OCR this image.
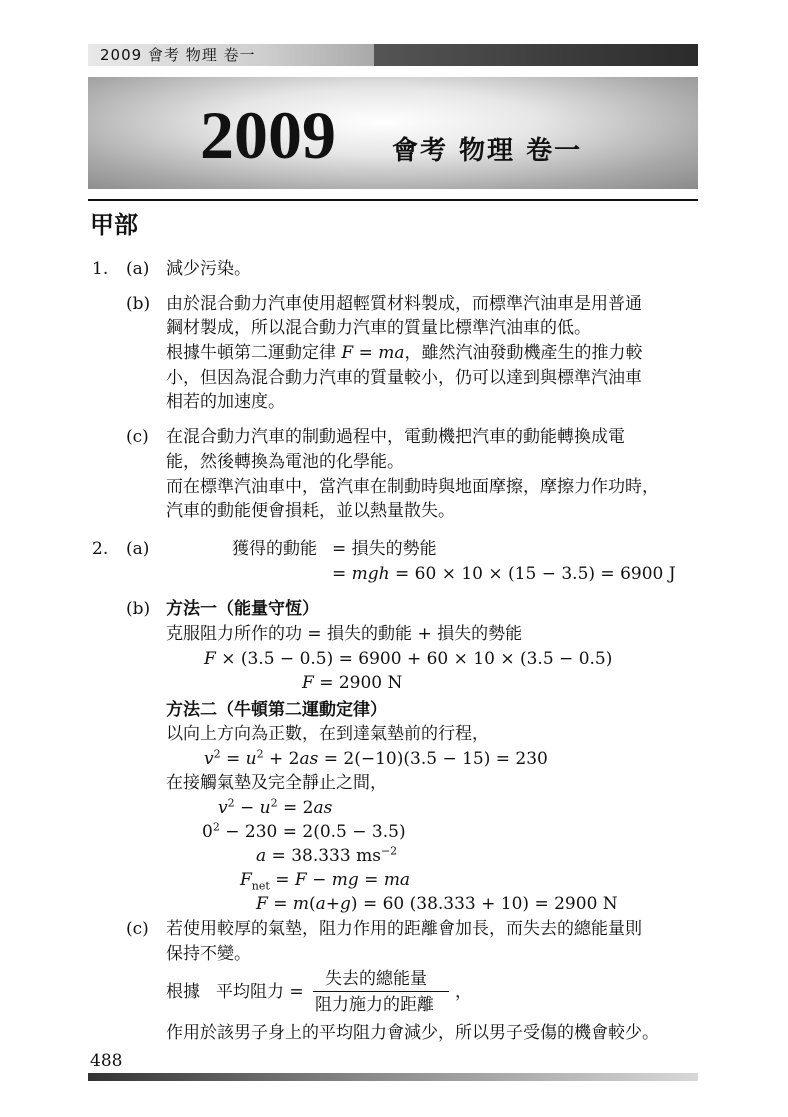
2009 會考 物理 卷一
2009 會考 物理 卷一
甲部
1. (a) 減少污染。
(b) 由於混合動力汽車使用超輕質材料製成，而標準汽油車是用普通
鋼材製成，所以混合動力汽車的質量比標準汽油車的低。
根據牛頓第二運動定律 F = ma，雖然汽油發動機產生的推力較
小，但因為混合動力汽車的質量較小，仍可以達到與標準汽油車
相若的加速度。
(c) 在混合動力汽車的制動過程中，電動機把汽車的動能轉換成電
能，然後轉換為電池的化學能。
而在標準汽油車中，當汽車在制動時與地面摩擦，摩擦力作功時，
汽車的動能便會損耗，並以熱量散失。
2. (a)	獲得的動能 = 損失的勢能
= mgh = 60 × 10 × (15 − 3.5) = 6900 J
(b) 方法一（能量守恆）
克服阻力所作的功 = 損失的動能 + 損失的勢能
F × (3.5 − 0.5) = 6900 + 60 × 10 × (3.5 − 0.5)
F = 2900 N
方法二（牛頓第二運動定律）
以向上方向為正數，在到達氣墊前的行程，
$v^2 = u^2 + 2as = 2(-10)(3.5 - 15) = 230$
在接觸氣墊及完全靜止之間，
$v^2 - u^2 = 2as$
$0^2 - 230 = 2(0.5 - 3.5)$
a = 38.333 $ms^{-2}$
$F_{net} = F$ − mg = ma
F = m(a+g) = 60 (38.333 + 10) = 2900 N
(c) 若使用較厚的氣墊，阻力作用的距離會加長，而失去的總能量則
保持不變。
根據 平均阻力 =
失去的總能量
阻力施力的距離
，
作用於該男子身上的平均阻力會減少，所以男子受傷的機會較少。
488
